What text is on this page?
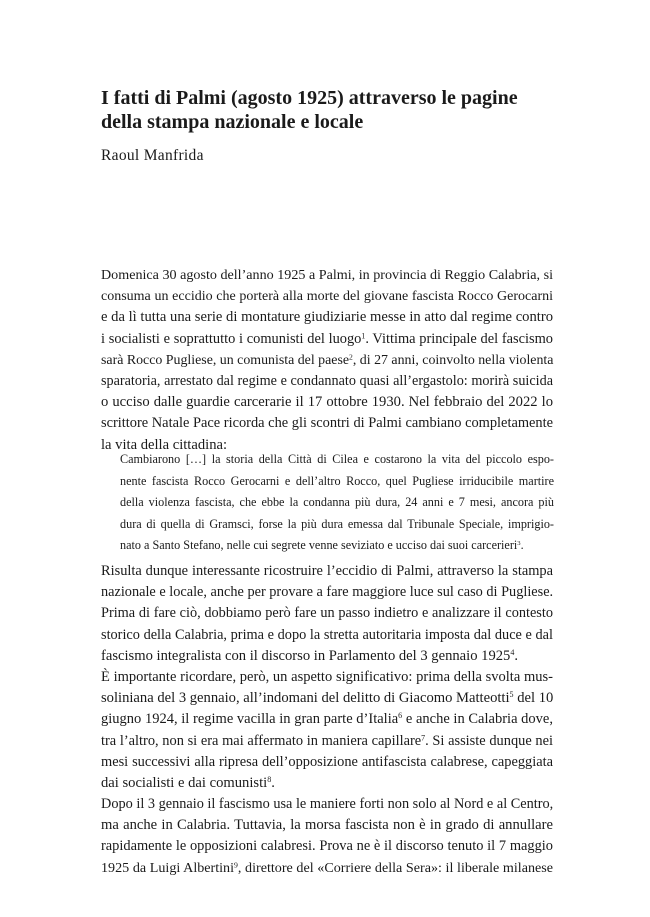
I fatti di Palmi (agosto 1925) attraverso le pagine
della stampa nazionale e locale

Raoul Manfrida

Domenica 30 agosto dell’anno 1925 a Palmi, in provincia di Reggio Calabria, si
consuma un eccidio che porterà alla morte del giovane fascista Rocco Gerocarni
e da lì tutta una serie di montature giudiziarie messe in atto dal regime contro
i socialisti e soprattutto i comunisti del luogo$^1$. Vittima principale del fascismo
sarà Rocco Pugliese, un comunista del paese$^2$, di 27 anni, coinvolto nella violenta
sparatoria, arrestato dal regime e condannato quasi all’ergastolo: morirà suicida
o ucciso dalle guardie carcerarie il 17 ottobre 1930. Nel febbraio del 2022 lo
scrittore Natale Pace ricorda che gli scontri di Palmi cambiano completamente
la vita della cittadina:
Cambiarono […] la storia della Città di Cilea e costarono la vita del piccolo espo-
nente fascista Rocco Gerocarni e dell’altro Rocco, quel Pugliese irriducibile martire
della violenza fascista, che ebbe la condanna più dura, 24 anni e 7 mesi, ancora più
dura di quella di Gramsci, forse la più dura emessa dal Tribunale Speciale, imprigio-
nato a Santo Stefano, nelle cui segrete venne seviziato e ucciso dai suoi carcerieri$^3$.
Risulta dunque interessante ricostruire l’eccidio di Palmi, attraverso la stampa
nazionale e locale, anche per provare a fare maggiore luce sul caso di Pugliese.
Prima di fare ciò, dobbiamo però fare un passo indietro e analizzare il contesto
storico della Calabria, prima e dopo la stretta autoritaria imposta dal duce e dal
fascismo integralista con il discorso in Parlamento del 3 gennaio 1925$^4$.
È importante ricordare, però, un aspetto significativo: prima della svolta mus-
soliniana del 3 gennaio, all’indomani del delitto di Giacomo Matteotti$^5$ del 10
giugno 1924, il regime vacilla in gran parte d’Italia$^6$ e anche in Calabria dove,
tra l’altro, non si era mai affermato in maniera capillare$^7$. Si assiste dunque nei
mesi successivi alla ripresa dell’opposizione antifascista calabrese, capeggiata
dai socialisti e dai comunisti$^8$.
Dopo il 3 gennaio il fascismo usa le maniere forti non solo al Nord e al Centro,
ma anche in Calabria. Tuttavia, la morsa fascista non è in grado di annullare
rapidamente le opposizioni calabresi. Prova ne è il discorso tenuto il 7 maggio
1925 da Luigi Albertini$^9$, direttore del «Corriere della Sera»: il liberale milanese
